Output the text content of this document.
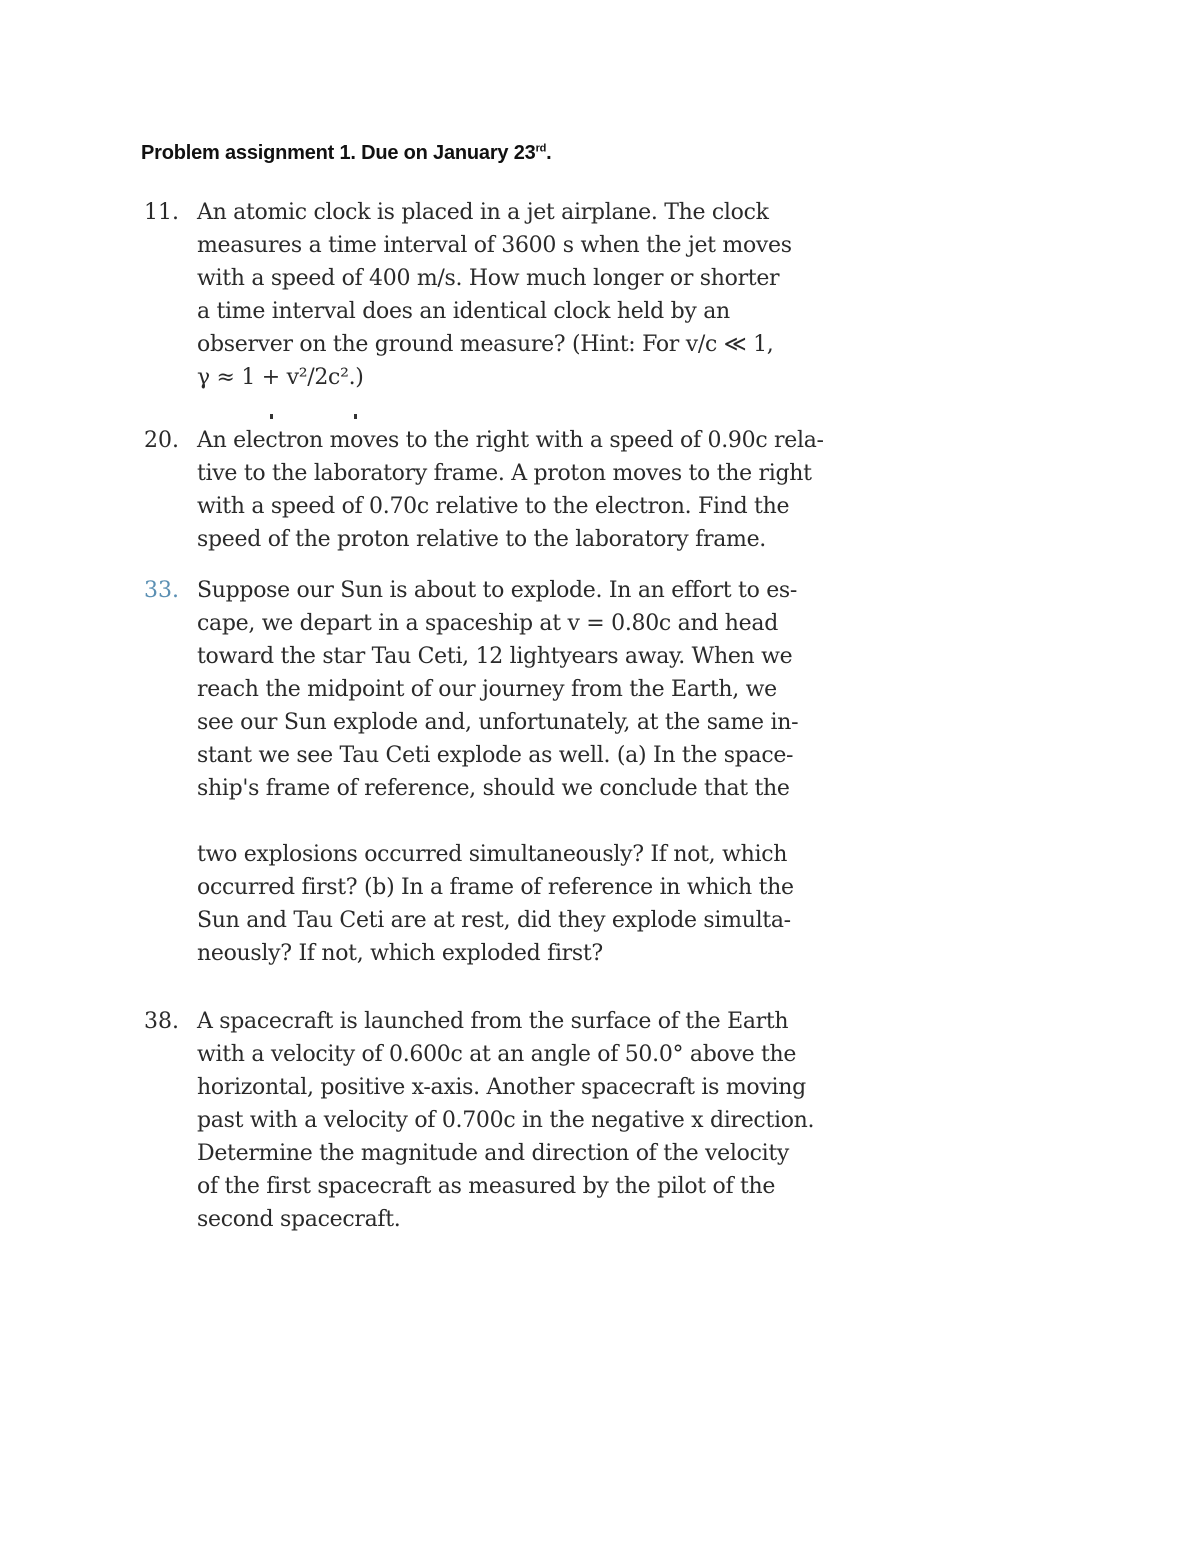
Problem assignment 1. Due on January 23rd.
11. An atomic clock is placed in a jet airplane. The clock
measures a time interval of 3600 s when the jet moves
with a speed of 400 m/s. How much longer or shorter
a time interval does an identical clock held by an
observer on the ground measure? (Hint: For v/c ≪ 1,
γ ≈ 1 + v²/2c².)
20. An electron moves to the right with a speed of 0.90c rela-
tive to the laboratory frame. A proton moves to the right
with a speed of 0.70c relative to the electron. Find the
speed of the proton relative to the laboratory frame.
33. Suppose our Sun is about to explode. In an effort to es-
cape, we depart in a spaceship at v = 0.80c and head
toward the star Tau Ceti, 12 lightyears away. When we
reach the midpoint of our journey from the Earth, we
see our Sun explode and, unfortunately, at the same in-
stant we see Tau Ceti explode as well. (a) In the space-
ship's frame of reference, should we conclude that the
two explosions occurred simultaneously? If not, which
occurred first? (b) In a frame of reference in which the
Sun and Tau Ceti are at rest, did they explode simulta-
neously? If not, which exploded first?
38. A spacecraft is launched from the surface of the Earth
with a velocity of 0.600c at an angle of 50.0° above the
horizontal, positive x-axis. Another spacecraft is moving
past with a velocity of 0.700c in the negative x direction.
Determine the magnitude and direction of the velocity
of the first spacecraft as measured by the pilot of the
second spacecraft.
